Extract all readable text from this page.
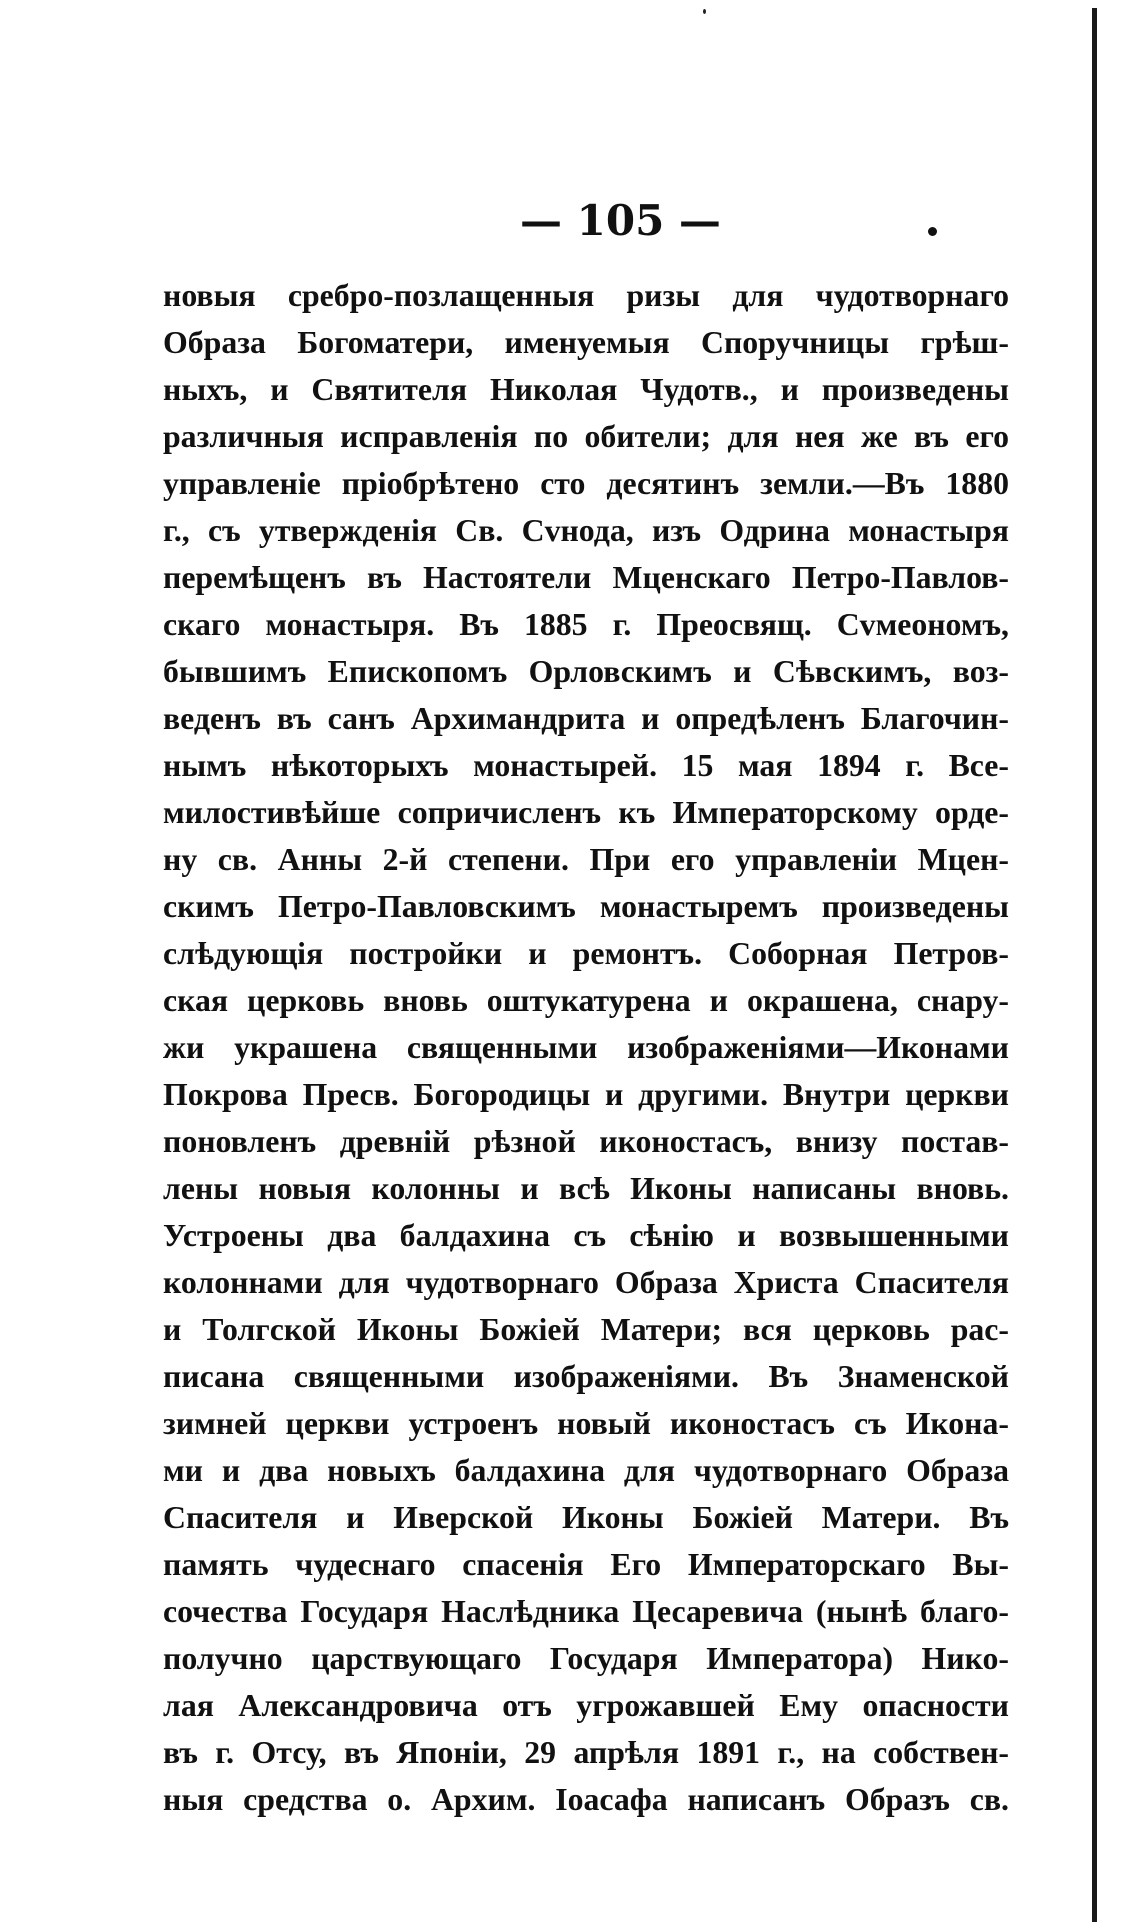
— 105 —
новыя сребро-позлащенныя ризы для чудотворнаго
Образа Богоматери, именуемыя Споручницы грѣш-
ныхъ, и Святителя Николая Чудотв., и произведены
различныя исправленія по обители; для нея же въ его
управленіе пріобрѣтено сто десятинъ земли.—Въ 1880
г., съ утвержденія Св. Сvнода, изъ Одрина монастыря
перемѣщенъ въ Настоятели Мценскаго Петро-Павлов-
скаго монастыря. Въ 1885 г. Преосвящ. Сvмеономъ,
бывшимъ Епископомъ Орловскимъ и Сѣвскимъ, воз-
веденъ въ санъ Архимандрита и опредѣленъ Благочин-
нымъ нѣкоторыхъ монастырей. 15 мая 1894 г. Все-
милостивѣйше сопричисленъ къ Императорскому орде-
ну св. Анны 2-й степени. При его управленіи Мцен-
скимъ Петро-Павловскимъ монастыремъ произведены
слѣдующія постройки и ремонтъ. Соборная Петров-
ская церковь вновь оштукатурена и окрашена, снару-
жи украшена священными изображеніями—Иконами
Покрова Пресв. Богородицы и другими. Внутри церкви
поновленъ древній рѣзной иконостасъ, внизу постав-
лены новыя колонны и всѣ Иконы написаны вновь.
Устроены два балдахина съ сѣнію и возвышенными
колоннами для чудотворнаго Образа Христа Спасителя
и Толгской Иконы Божіей Матери; вся церковь рас-
писана священными изображеніями. Въ Знаменской
зимней церкви устроенъ новый иконостасъ съ Икона-
ми и два новыхъ балдахина для чудотворнаго Образа
Спасителя и Иверской Иконы Божіей Матери. Въ
память чудеснаго спасенія Его Императорскаго Вы-
сочества Государя Наслѣдника Цесаревича (нынѣ благо-
получно царствующаго Государя Императора) Нико-
лая Александровича отъ угрожавшей Ему опасности
въ г. Отсу, въ Японіи, 29 апрѣля 1891 г., на собствен-
ныя средства о. Архим. Іоасафа написанъ Образъ св.
